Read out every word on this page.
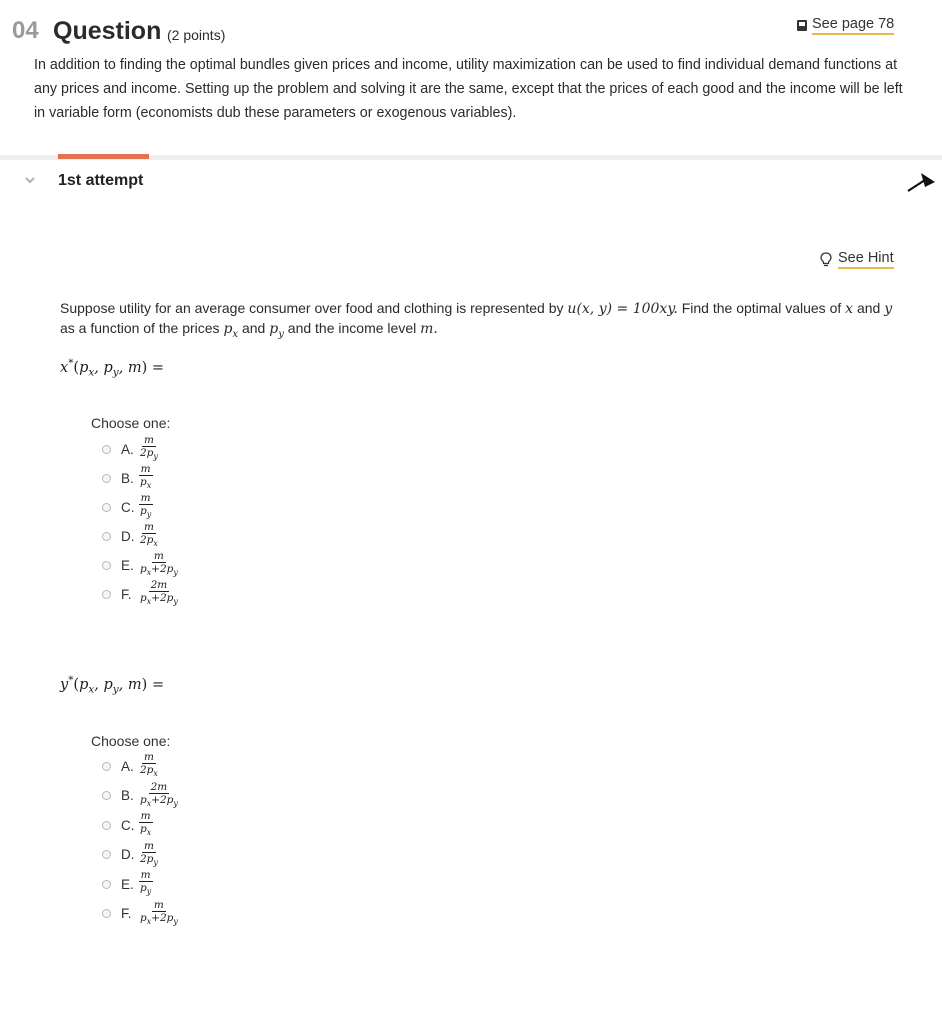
04 Question (2 points)
See page 78
In addition to finding the optimal bundles given prices and income, utility maximization can be used to find individual demand functions at any prices and income. Setting up the problem and solving it are the same, except that the prices of each good and the income will be left in variable form (economists dub these parameters or exogenous variables).
1st attempt
See Hint
Suppose utility for an average consumer over food and clothing is represented by u(x, y) = 100xy. Find the optimal values of x and y
as a function of the prices $p_x$ and $p_y$ and the income level m.
$x^*(p_x$, $p_y$, m) =
Choose one:
A. $\frac{m}{2p_y}$
B. $\frac{m}{p_x}$
C. $\frac{m}{p_y}$
D. $\frac{m}{2p_x}$
E. $\frac{m}{p_x+2p_y}$
F. $\frac{2m}{p_x+2p_y}$
$y^*(p_x$, $p_y$, m) =
Choose one:
A. $\frac{m}{2p_x}$
B. $\frac{2m}{p_x+2p_y}$
C. $\frac{m}{p_x}$
D. $\frac{m}{2p_y}$
E. $\frac{m}{p_y}$
F. $\frac{m}{p_x+2p_y}$
